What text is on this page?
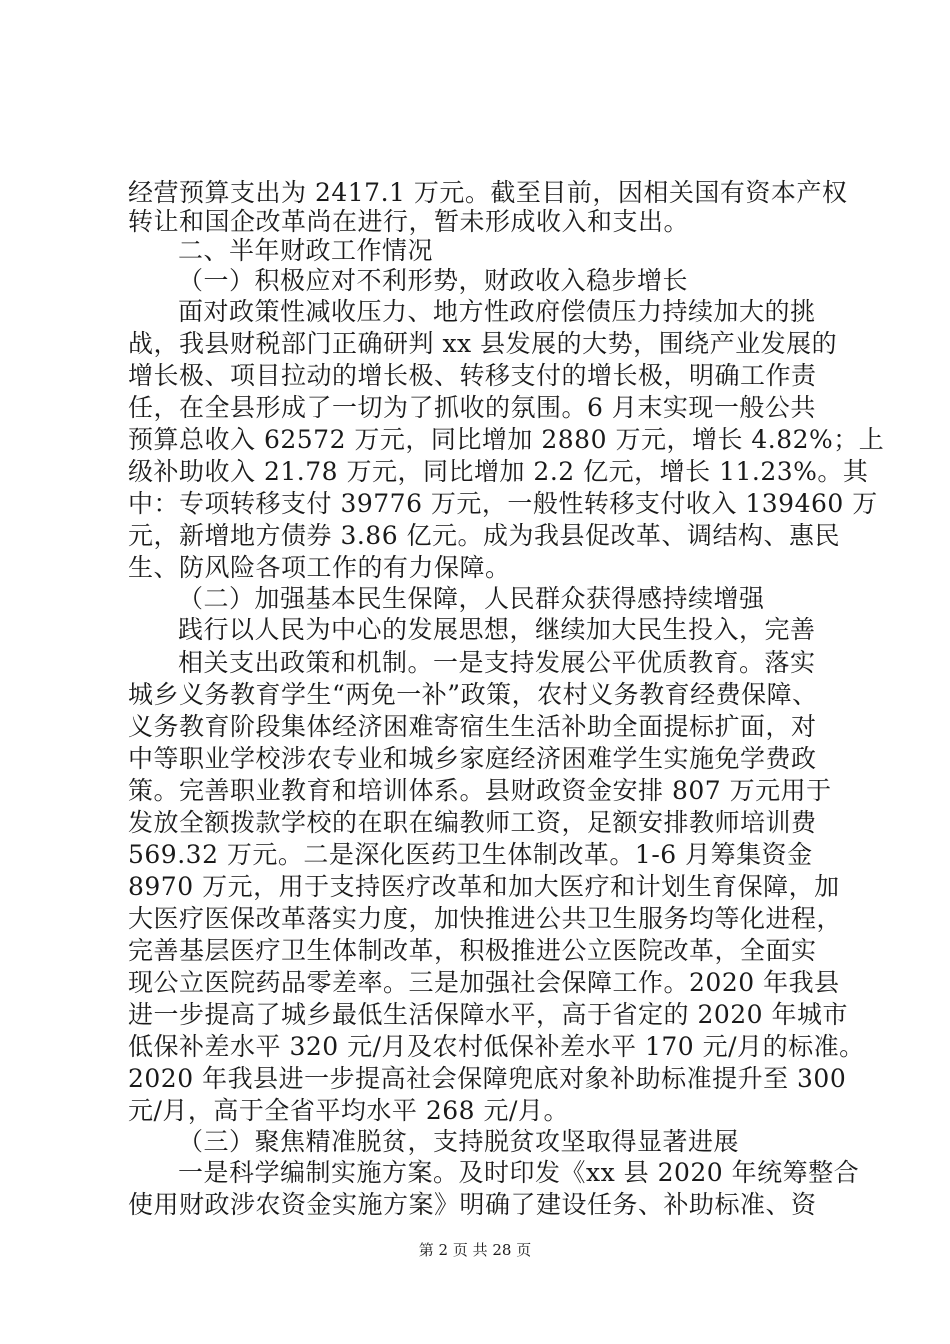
经营预算支出为 2417.1 万元。截至目前，因相关国有资本产权
转让和国企改革尚在进行，暂未形成收入和支出。
二、半年财政工作情况
（一）积极应对不利形势，财政收入稳步增长
面对政策性减收压力、地方性政府偿债压力持续加大的挑
战，我县财税部门正确研判 xx 县发展的大势，围绕产业发展的
增长极、项目拉动的增长极、转移支付的增长极，明确工作责
任，在全县形成了一切为了抓收的氛围。6 月末实现一般公共
预算总收入 62572 万元，同比增加 2880 万元，增长 4.82%；上
级补助收入 21.78 万元，同比增加 2.2 亿元，增长 11.23%。其
中：专项转移支付 39776 万元，一般性转移支付收入 139460 万
元，新增地方债券 3.86 亿元。成为我县促改革、调结构、惠民
生、防风险各项工作的有力保障。
（二）加强基本民生保障，人民群众获得感持续增强
践行以人民为中心的发展思想，继续加大民生投入，完善
相关支出政策和机制。一是支持发展公平优质教育。落实
城乡义务教育学生“两免一补”政策，农村义务教育经费保障、
义务教育阶段集体经济困难寄宿生生活补助全面提标扩面，对
中等职业学校涉农专业和城乡家庭经济困难学生实施免学费政
策。完善职业教育和培训体系。县财政资金安排 807 万元用于
发放全额拨款学校的在职在编教师工资，足额安排教师培训费
569.32 万元。二是深化医药卫生体制改革。1-6 月筹集资金
8970 万元，用于支持医疗改革和加大医疗和计划生育保障，加
大医疗医保改革落实力度，加快推进公共卫生服务均等化进程，
完善基层医疗卫生体制改革，积极推进公立医院改革，全面实
现公立医院药品零差率。三是加强社会保障工作。2020 年我县
进一步提高了城乡最低生活保障水平，高于省定的 2020 年城市
低保补差水平 320 元/月及农村低保补差水平 170 元/月的标准。
2020 年我县进一步提高社会保障兜底对象补助标准提升至 300
元/月，高于全省平均水平 268 元/月。
（三）聚焦精准脱贫，支持脱贫攻坚取得显著进展
一是科学编制实施方案。及时印发《xx 县 2020 年统筹整合
使用财政涉农资金实施方案》明确了建设任务、补助标准、资
第 2 页 共 28 页
